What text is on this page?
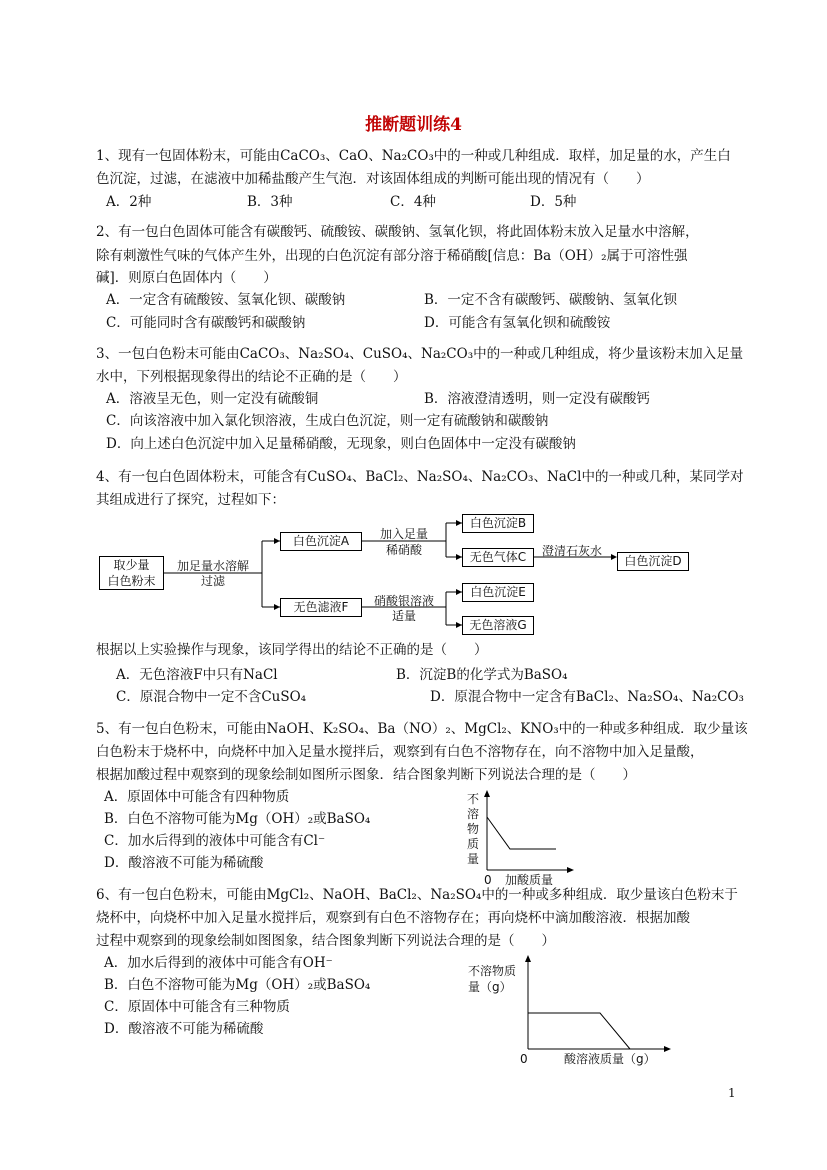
推断题训练4
1、现有一包固体粉末，可能由CaCO₃、CaO、Na₂CO₃中的一种或几种组成．取样，加足量的水，产生白
色沉淀，过滤，在滤液中加稀盐酸产生气泡．对该固体组成的判断可能出现的情况有（　　）
A．2种	B．3种	C．4种	D．5种
2、有一包白色固体可能含有碳酸钙、硫酸铵、碳酸钠、氢氧化钡，将此固体粉末放入足量水中溶解，
除有刺激性气味的气体产生外，出现的白色沉淀有部分溶于稀硝酸[信息：Ba（OH）₂属于可溶性强
碱]．则原白色固体内（　　）
A．一定含有硫酸铵、氢氧化钡、碳酸钠	B．一定不含有碳酸钙、碳酸钠、氢氧化钡
C．可能同时含有碳酸钙和碳酸钠	D．可能含有氢氧化钡和硫酸铵
3、一包白色粉末可能由CaCO₃、Na₂SO₄、CuSO₄、Na₂CO₃中的一种或几种组成，将少量该粉末加入足量
水中，下列根据现象得出的结论不正确的是（　　）
A．溶液呈无色，则一定没有硫酸铜	B．溶液澄清透明，则一定没有碳酸钙
C．向该溶液中加入氯化钡溶液，生成白色沉淀，则一定有硫酸钠和碳酸钠
D．向上述白色沉淀中加入足量稀硝酸，无现象，则白色固体中一定没有碳酸钠
4、有一包白色固体粉末，可能含有CuSO₄、BaCl₂、Na₂SO₄、Na₂CO₃、NaCl中的一种或几种，某同学对
其组成进行了探究，过程如下：
取少量
白色粉末
加足量水溶解
过滤
白色沉淀A	加入足量
稀硝酸
白色沉淀B
无色气体C	澄清石灰水
白色沉淀D
无色滤液F	硝酸银溶液
适量
白色沉淀E
无色溶液G
根据以上实验操作与现象，该同学得出的结论不正确的是（　　）
A．无色溶液F中只有NaCl	B．沉淀B的化学式为BaSO₄
C．原混合物中一定不含CuSO₄	D．原混合物中一定含有BaCl₂、Na₂SO₄、Na₂CO₃
5、有一包白色粉末，可能由NaOH、K₂SO₄、Ba（NO）₂、MgCl₂、KNO₃中的一种或多种组成．取少量该
白色粉末于烧杯中，向烧杯中加入足量水搅拌后，观察到有白色不溶物存在，向不溶物中加入足量酸，
根据加酸过程中观察到的现象绘制如图所示图象．结合图象判断下列说法合理的是（　　）
A．原固体中可能含有四种物质
B．白色不溶物可能为Mg（OH）₂或BaSO₄
C．加水后得到的液体中可能含有Cl⁻
D．酸溶液不可能为稀硫酸
不
溶
物
质
量
0 加酸质量
6、有一包白色粉末，可能由MgCl₂、NaOH、BaCl₂、Na₂SO₄中的一种或多种组成．取少量该白色粉末于
烧杯中，向烧杯中加入足量水搅拌后，观察到有白色不溶物存在；再向烧杯中滴加酸溶液．根据加酸
过程中观察到的现象绘制如图图象，结合图象判断下列说法合理的是（　　）
A．加水后得到的液体中可能含有OH⁻
B．白色不溶物可能为Mg（OH）₂或BaSO₄
C．原固体中可能含有三种物质
D．酸溶液不可能为稀硫酸
不溶物质
量（g）
0	酸溶液质量（g）
1
